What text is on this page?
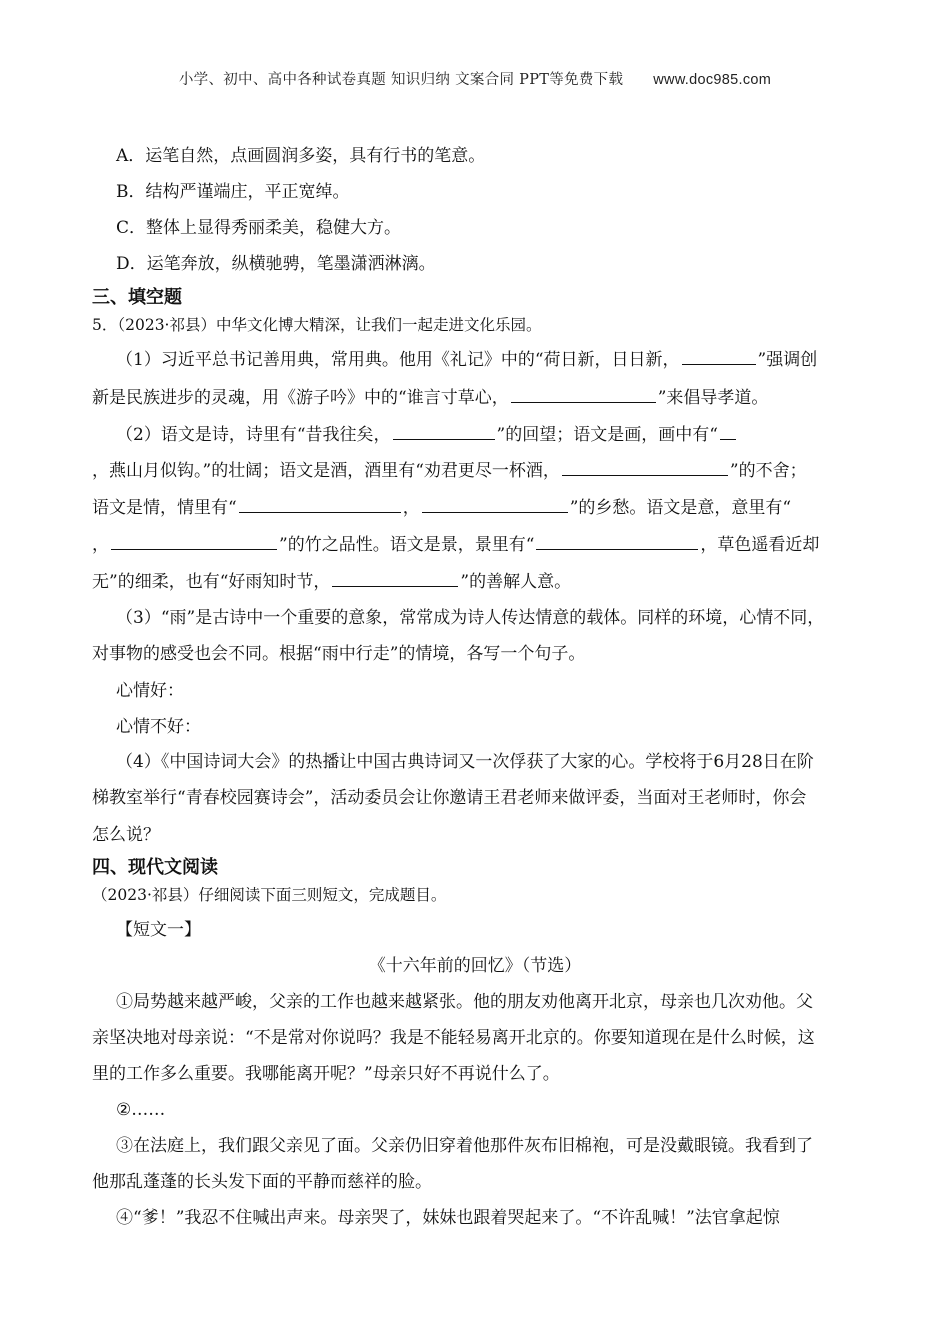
小学、初中、高中各种试卷真题 知识归纳 文案合同 PPT等免费下载 www.doc985.com
A．运笔自然，点画圆润多姿，具有行书的笔意。
B．结构严谨端庄，平正宽绰。
C．整体上显得秀丽柔美，稳健大方。
D．运笔奔放，纵横驰骋，笔墨潇洒淋漓。
三、填空题
5．（2023·祁县）中华文化博大精深，让我们一起走进文化乐园。
（1）习近平总书记善用典，常用典。他用《礼记》中的“荷日新，日日新，	”强调创
新是民族进步的灵魂，用《游子吟》中的“谁言寸草心，	”来倡导孝道。
（2）语文是诗，诗里有“昔我往矣，	”的回望；语文是画，画中有“
，燕山月似钩。”的壮阔；语文是酒，酒里有“劝君更尽一杯酒，	”的不舍；
语文是情，情里有“	，	”的乡愁。语文是意，意里有“
，	”的竹之品性。语文是景，景里有“	，草色遥看近却
无”的细柔，也有“好雨知时节，	”的善解人意。
（3）“雨”是古诗中一个重要的意象，常常成为诗人传达情意的载体。同样的环境，心情不同，
对事物的感受也会不同。根据“雨中行走”的情境，各写一个句子。
心情好：
心情不好：
（4）《中国诗词大会》的热播让中国古典诗词又一次俘获了大家的心。学校将于6月28日在阶
梯教室举行“青春校园赛诗会”，活动委员会让你邀请王君老师来做评委，当面对王老师时，你会
怎么说？
四、现代文阅读
（2023·祁县）仔细阅读下面三则短文，完成题目。
【短文一】
《十六年前的回忆》（节选）
①局势越来越严峻，父亲的工作也越来越紧张。他的朋友劝他离开北京，母亲也几次劝他。父
亲坚决地对母亲说：“不是常对你说吗？我是不能轻易离开北京的。你要知道现在是什么时候，这
里的工作多么重要。我哪能离开呢？”母亲只好不再说什么了。
②……
③在法庭上，我们跟父亲见了面。父亲仍旧穿着他那件灰布旧棉袍，可是没戴眼镜。我看到了
他那乱蓬蓬的长头发下面的平静而慈祥的脸。
④“爹！”我忍不住喊出声来。母亲哭了，妹妹也跟着哭起来了。“不许乱喊！”法官拿起惊
